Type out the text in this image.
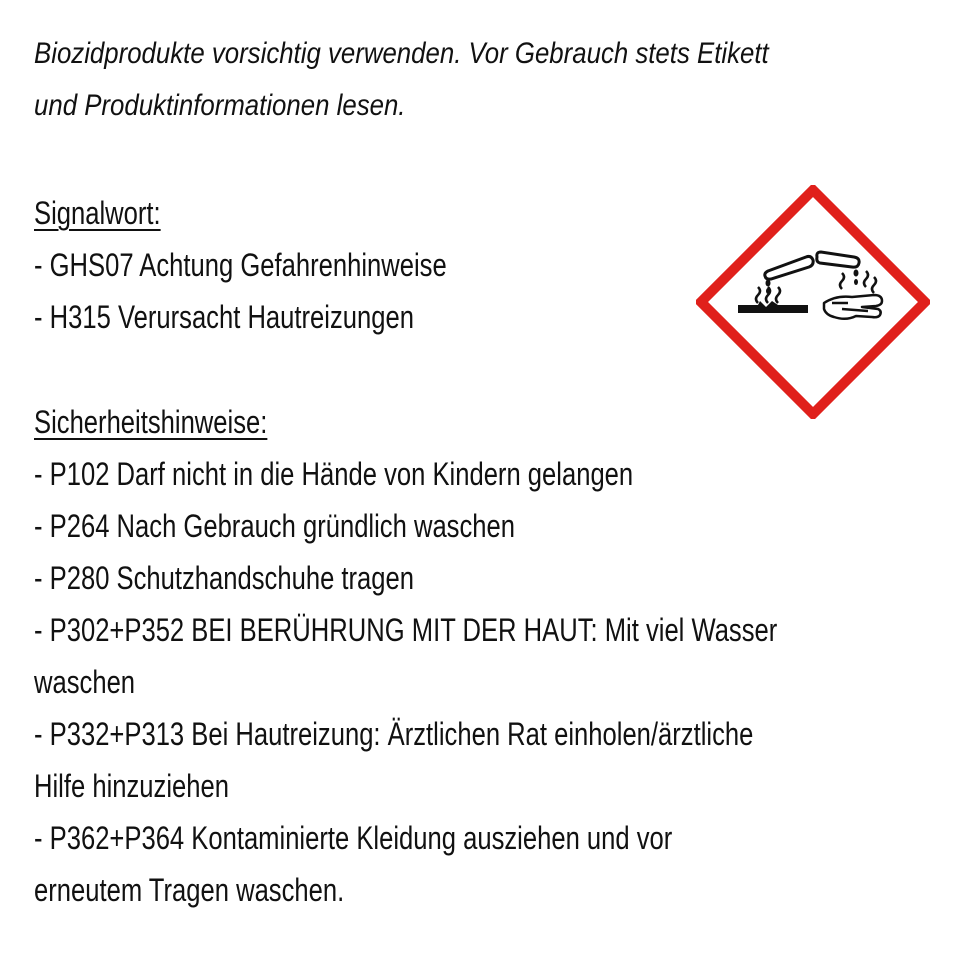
Biozidprodukte vorsichtig verwenden. Vor Gebrauch stets Etikett
und Produktinformationen lesen.
Signalwort:
- GHS07 Achtung Gefahrenhinweise
- H315 Verursacht Hautreizungen
Sicherheitshinweise:
- P102 Darf nicht in die Hände von Kindern gelangen
- P264 Nach Gebrauch gründlich waschen
- P280 Schutzhandschuhe tragen
- P302+P352 BEI BERÜHRUNG MIT DER HAUT: Mit viel Wasser
waschen
- P332+P313 Bei Hautreizung: Ärztlichen Rat einholen/ärztliche
Hilfe hinzuziehen
- P362+P364 Kontaminierte Kleidung ausziehen und vor
erneutem Tragen waschen.
